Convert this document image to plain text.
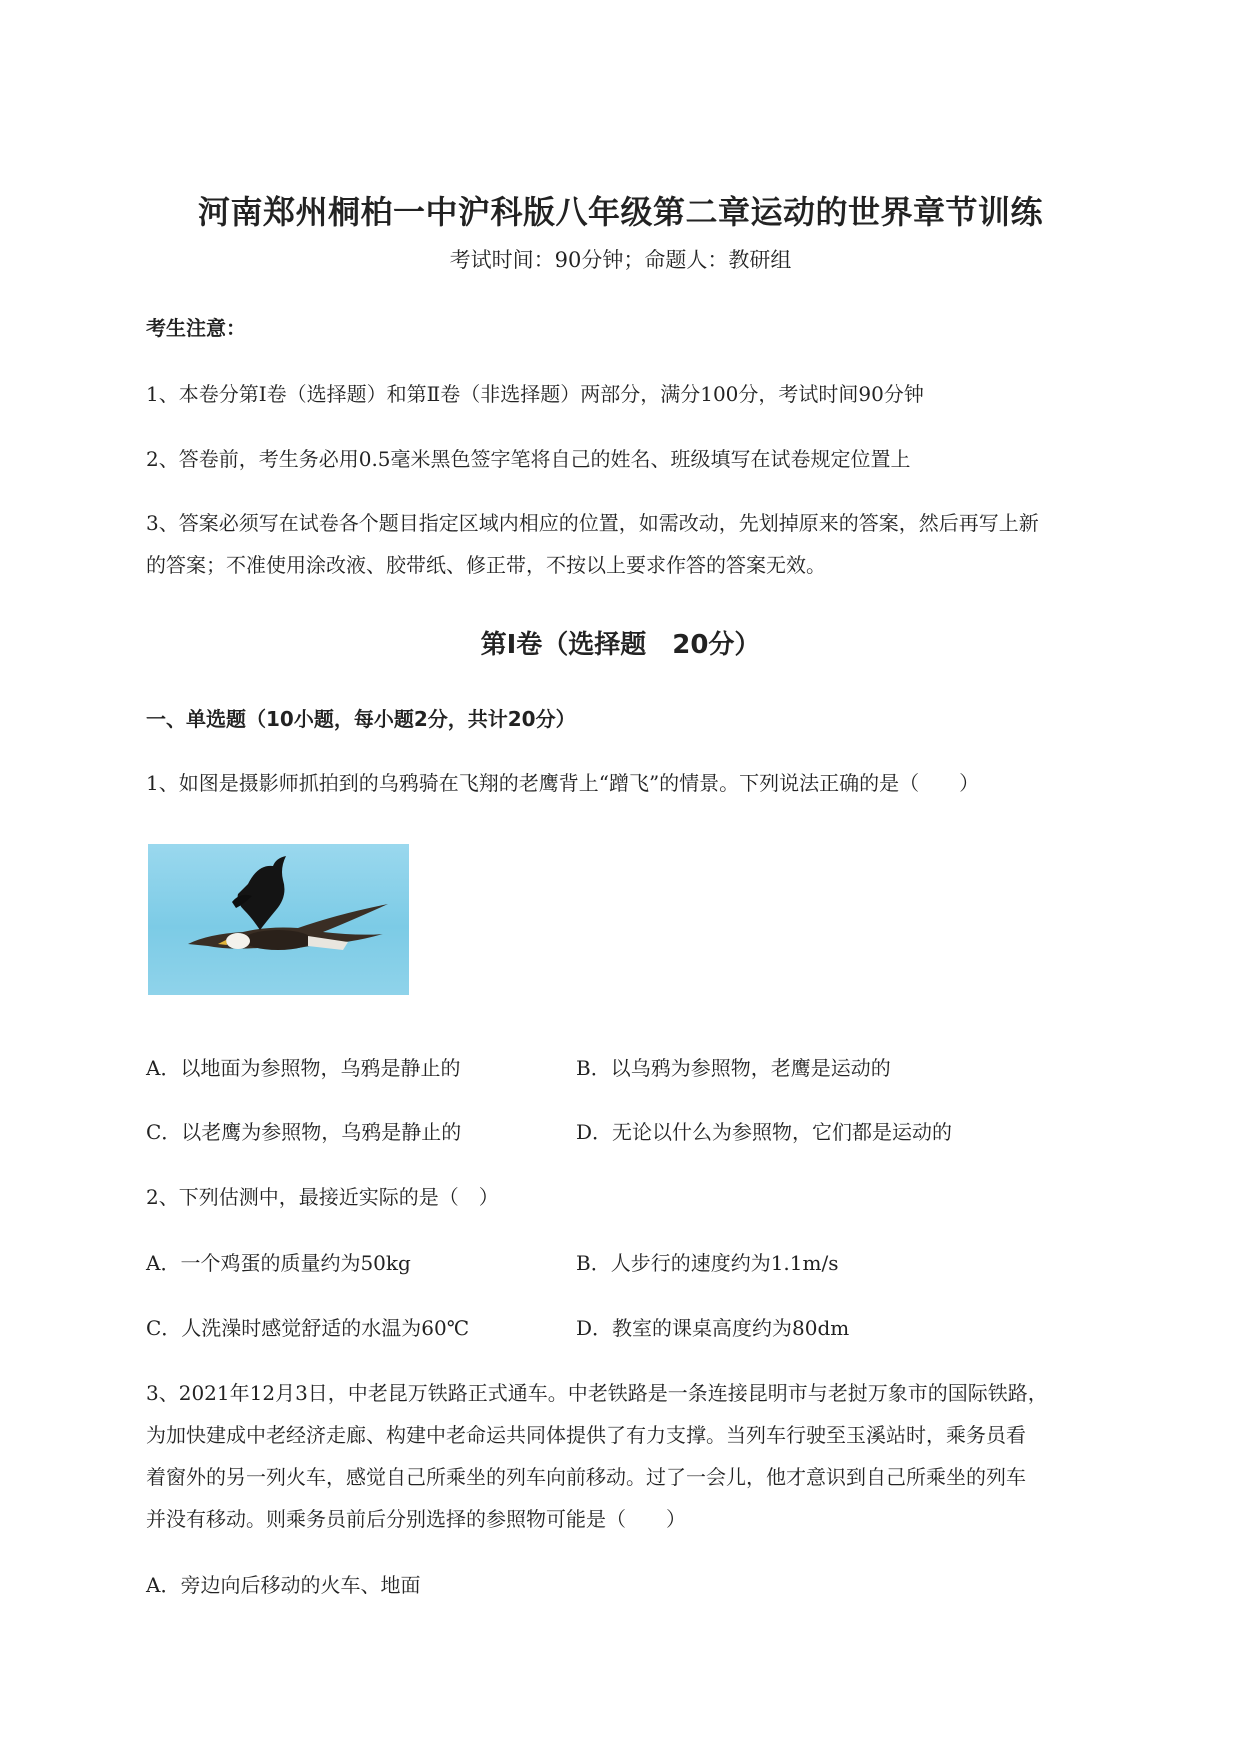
河南郑州桐柏一中沪科版八年级第二章运动的世界章节训练
考试时间：90分钟；命题人：教研组
考生注意：
1、本卷分第Ⅰ卷（选择题）和第Ⅱ卷（非选择题）两部分，满分100分，考试时间90分钟
2、答卷前，考生务必用0.5毫米黑色签字笔将自己的姓名、班级填写在试卷规定位置上
3、答案必须写在试卷各个题目指定区域内相应的位置，如需改动，先划掉原来的答案，然后再写上新
的答案；不准使用涂改液、胶带纸、修正带，不按以上要求作答的答案无效。
第Ⅰ卷（选择题　20分）
一、单选题（10小题，每小题2分，共计20分）
1、如图是摄影师抓拍到的乌鸦骑在飞翔的老鹰背上“蹭飞”的情景。下列说法正确的是（　　）
A．以地面为参照物，乌鸦是静止的	B．以乌鸦为参照物，老鹰是运动的
C．以老鹰为参照物，乌鸦是静止的	D．无论以什么为参照物，它们都是运动的
2、下列估测中，最接近实际的是（　）
A．一个鸡蛋的质量约为50kg	B．人步行的速度约为1.1m/s
C．人洗澡时感觉舒适的水温为60℃	D．教室的课桌高度约为80dm
3、2021年12月3日，中老昆万铁路正式通车。中老铁路是一条连接昆明市与老挝万象市的国际铁路，
为加快建成中老经济走廊、构建中老命运共同体提供了有力支撑。当列车行驶至玉溪站时，乘务员看
着窗外的另一列火车，感觉自己所乘坐的列车向前移动。过了一会儿，他才意识到自己所乘坐的列车
并没有移动。则乘务员前后分别选择的参照物可能是（　　）
A．旁边向后移动的火车、地面
